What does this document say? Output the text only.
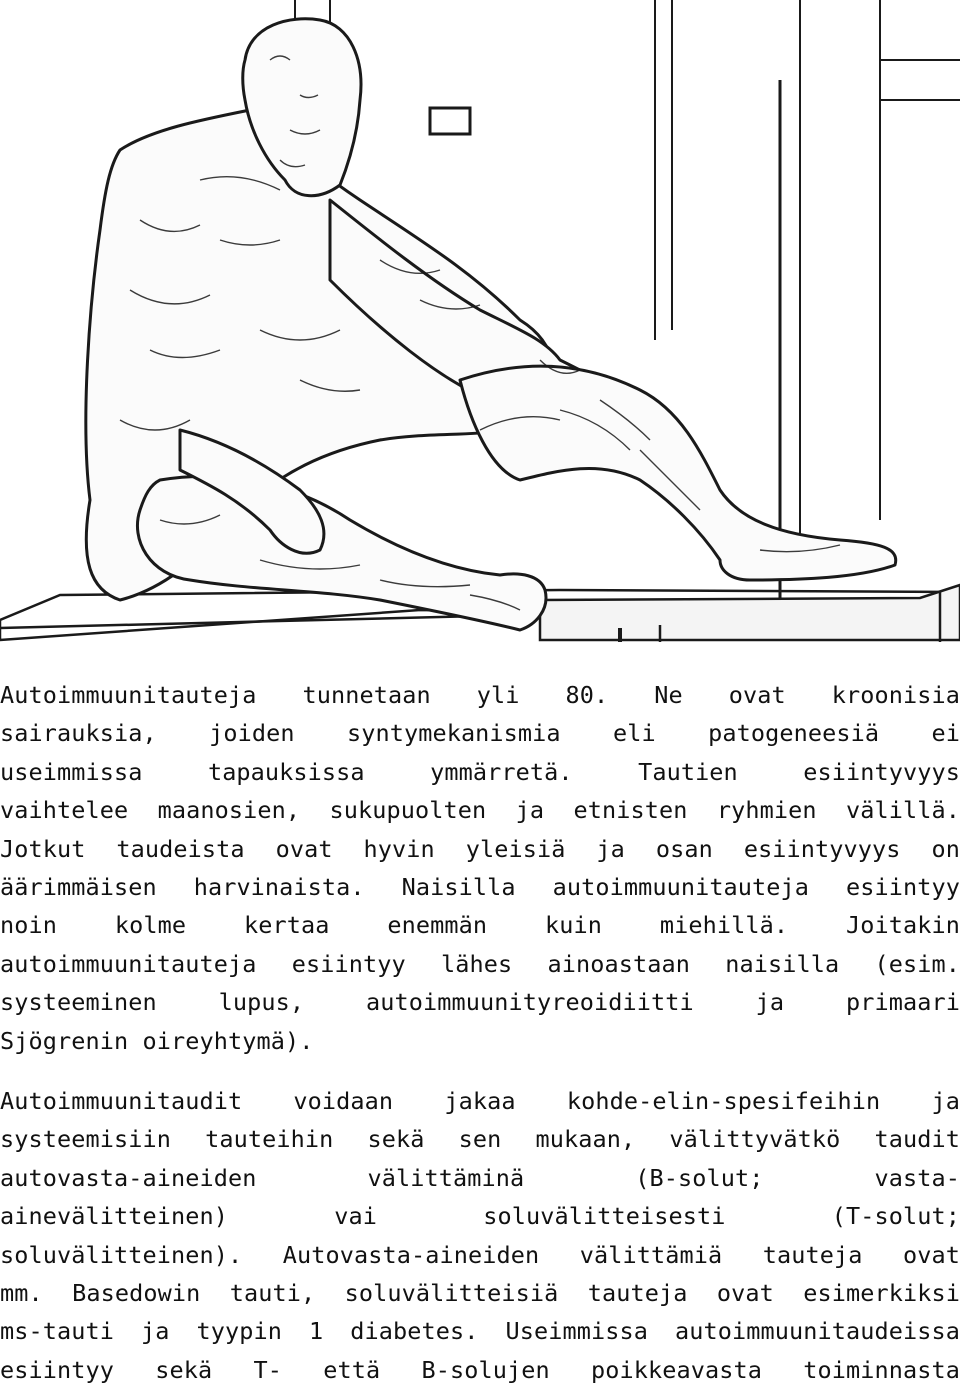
Autoimmuunitauteja tunnetaan yli 80. Ne ovat kroonisia
sairauksia, joiden syntymekanismia eli patogeneesiä ei
useimmissa tapauksissa ymmärretä. Tautien esiintyvyys
vaihtelee maanosien, sukupuolten ja etnisten ryhmien välillä.
Jotkut taudeista ovat hyvin yleisiä ja osan esiintyvyys on
äärimmäisen harvinaista. Naisilla autoimmuunitauteja esiintyy
noin kolme kertaa enemmän kuin miehillä. Joitakin
autoimmuunitauteja esiintyy lähes ainoastaan naisilla (esim.
systeeminen lupus, autoimmuunityreoidiitti ja primaari
Sjögrenin oireyhtymä).
Autoimmuunitaudit voidaan jakaa kohde-elin-spesifeihin ja
systeemisiin tauteihin sekä sen mukaan, välittyvätkö taudit
autovasta-aineiden välittäminä (B-solut; vasta-
ainevälitteinen) vai soluvälitteisesti (T-solut;
soluvälitteinen). Autovasta-aineiden välittämiä tauteja ovat
mm. Basedowin tauti, soluvälitteisiä tauteja ovat esimerkiksi
ms-tauti ja tyypin 1 diabetes. Useimmissa autoimmuunitaudeissa
esiintyy sekä T- että B-solujen poikkeavasta toiminnasta
